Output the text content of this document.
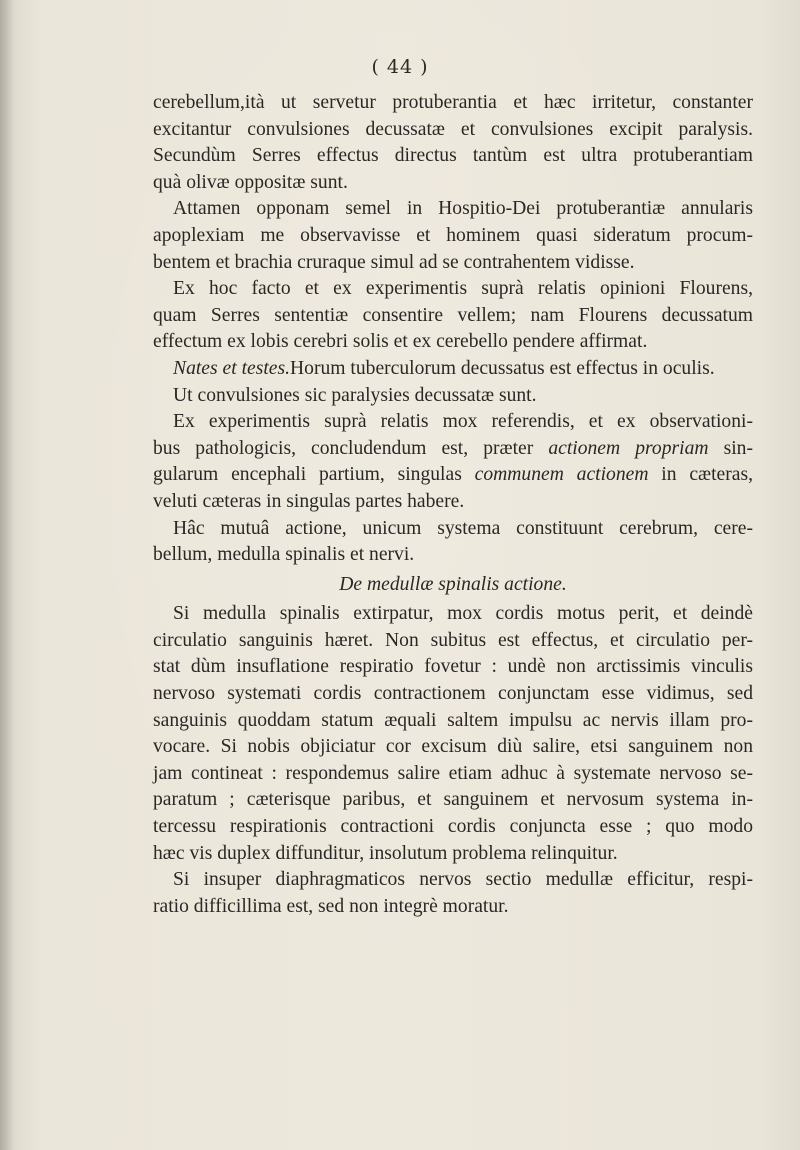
( 44 )
cerebellum,ità ut servetur protuberantia et hæc irritetur, constanter
excitantur convulsiones decussatæ et convulsiones excipit paralysis.
Secundùm Serres effectus directus tantùm est ultra protuberantiam
quà olivæ oppositæ sunt.
Attamen opponam semel in Hospitio-Dei protuberantiæ annularis
apoplexiam me observavisse et hominem quasi sideratum procum-
bentem et brachia cruraque simul ad se contrahentem vidisse.
Ex hoc facto et ex experimentis suprà relatis opinioni Flourens,
quam Serres sententiæ consentire vellem; nam Flourens decussatum
effectum ex lobis cerebri solis et ex cerebello pendere affirmat.
Nates et testes.Horum tuberculorum decussatus est effectus in oculis.
Ut convulsiones sic paralysies decussatæ sunt.
Ex experimentis suprà relatis mox referendis, et ex observationi-
bus pathologicis, concludendum est, præter actionem propriam sin-
gularum encephali partium, singulas communem actionem in cæteras,
veluti cæteras in singulas partes habere.
Hâc mutuâ actione, unicum systema constituunt cerebrum, cere-
bellum, medulla spinalis et nervi.
De medullæ spinalis actione.
Si medulla spinalis extirpatur, mox cordis motus perit, et deindè
circulatio sanguinis hæret. Non subitus est effectus, et circulatio per-
stat dùm insuflatione respiratio fovetur : undè non arctissimis vinculis
nervoso systemati cordis contractionem conjunctam esse vidimus, sed
sanguinis quoddam statum æquali saltem impulsu ac nervis illam pro-
vocare. Si nobis objiciatur cor excisum diù salire, etsi sanguinem non
jam contineat : respondemus salire etiam adhuc à systemate nervoso se-
paratum ; cæterisque paribus, et sanguinem et nervosum systema in-
tercessu respirationis contractioni cordis conjuncta esse ; quo modo
hæc vis duplex diffunditur, insolutum problema relinquitur.
Si insuper diaphragmaticos nervos sectio medullæ efficitur, respi-
ratio difficillima est, sed non integrè moratur.
